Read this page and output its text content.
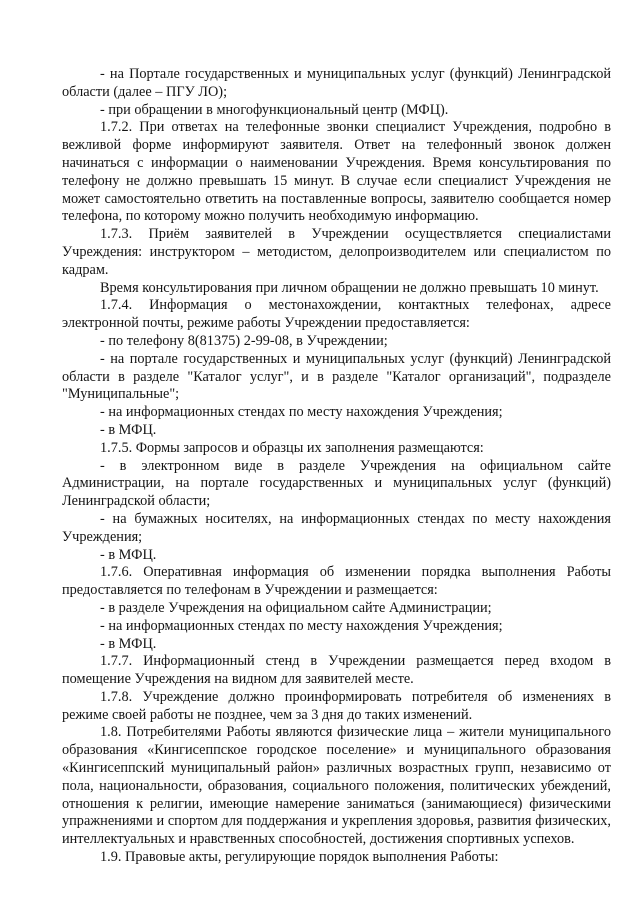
- на Портале государственных и муниципальных услуг (функций) Ленинградской области (далее – ПГУ ЛО);

- при обращении в многофункциональный центр (МФЦ).

1.7.2. При ответах на телефонные звонки специалист Учреждения, подробно в вежливой форме информируют заявителя. Ответ на телефонный звонок должен начинаться с информации о наименовании Учреждения. Время консультирования по телефону не должно превышать 15 минут. В случае если специалист Учреждения не может самостоятельно ответить на поставленные вопросы, заявителю сообщается номер телефона, по которому можно получить необходимую информацию.

1.7.3. Приём заявителей в Учреждении осуществляется специалистами Учреждения: инструктором – методистом, делопроизводителем или специалистом по кадрам.

Время консультирования при личном обращении не должно превышать 10 минут.

1.7.4. Информация о местонахождении, контактных телефонах, адресе электронной почты, режиме работы Учреждении предоставляется:

- по телефону 8(81375) 2-99-08, в Учреждении;

- на портале государственных и муниципальных услуг (функций) Ленинградской области в разделе "Каталог услуг", и в разделе "Каталог организаций", подразделе "Муниципальные";

- на информационных стендах по месту нахождения Учреждения;

- в МФЦ.

1.7.5. Формы запросов и образцы их заполнения размещаются:

- в электронном виде в разделе Учреждения на официальном сайте Администрации, на портале государственных и муниципальных услуг (функций) Ленинградской области;

- на бумажных носителях, на информационных стендах по месту нахождения Учреждения;

- в МФЦ.

1.7.6. Оперативная информация об изменении порядка выполнения Работы предоставляется по телефонам в Учреждении и размещается:

- в разделе Учреждения на официальном сайте Администрации;

- на информационных стендах по месту нахождения Учреждения;

- в МФЦ.

1.7.7. Информационный стенд в Учреждении размещается перед входом в помещение Учреждения на видном для заявителей месте.

1.7.8. Учреждение должно проинформировать потребителя об изменениях в режиме своей работы не позднее, чем за 3 дня до таких изменений.

1.8. Потребителями Работы являются физические лица – жители муниципального образования «Кингисеппское городское поселение» и муниципального образования «Кингисеппский муниципальный район» различных возрастных групп, независимо от пола, национальности, образования, социального положения, политических убеждений, отношения к религии, имеющие намерение заниматься (занимающиеся) физическими упражнениями и спортом для поддержания и укрепления здоровья, развития физических, интеллектуальных и нравственных способностей, достижения спортивных успехов.

1.9. Правовые акты, регулирующие порядок выполнения Работы:
